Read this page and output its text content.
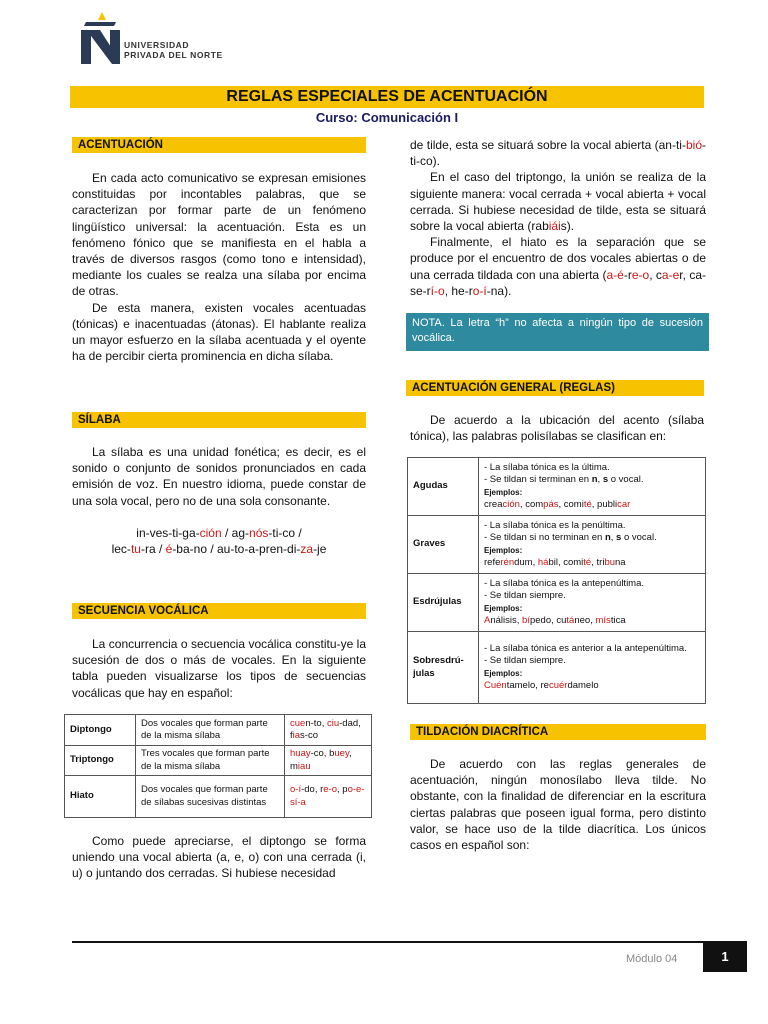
UNIVERSIDAD
PRIVADA DEL NORTE
REGLAS ESPECIALES DE ACENTUACIÓN
Curso: Comunicación I
ACENTUACIÓN

En cada acto comunicativo se expresan emisiones constituidas por incontables palabras, que se caracterizan por formar parte de un fenómeno lingüístico universal: la acentuación. Esta es un fenómeno fónico que se manifiesta en el habla a través de diversos rasgos (como tono e intensidad), mediante los cuales se realza una sílaba por encima de otras.

De esta manera, existen vocales acentuadas (tónicas) e inacentuadas (átonas). El hablante realiza un mayor esfuerzo en la sílaba acentuada y el oyente ha de percibir cierta prominencia en dicha sílaba.

SÍLABA

La sílaba es una unidad fonética; es decir, es el sonido o conjunto de sonidos pronunciados en cada emisión de voz. En nuestro idioma, puede constar de una sola vocal, pero no de una sola consonante.

in-ves-ti-ga-ción / ag-nós-ti-co /
lec-tu-ra / é-ba-no / au-to-a-pren-di-za-je
SECUENCIA VOCÁLICA

La concurrencia o secuencia vocálica constitu-ye la sucesión de dos o más de vocales. En la siguiente tabla pueden visualizarse los tipos de secuencias vocálicas que hay en español:

Diptongo	Dos vocales que forman parte de la misma sílaba	cuen-to, ciu-dad, fias-co
Triptongo	Tres vocales que forman parte de la misma sílaba	huay-co, buey, miau
Hiato	Dos vocales que forman parte de sílabas sucesivas distintas	o-í-do, re-o, po-e-sí-a

Como puede apreciarse, el diptongo se forma uniendo una vocal abierta (a, e, o) con una cerrada (i, u) o juntando dos cerradas. Si hubiese necesidad

de tilde, esta se situará sobre la vocal abierta (an-ti-bió-ti-co).

En el caso del triptongo, la unión se realiza de la siguiente manera: vocal cerrada + vocal abierta + vocal cerrada. Si hubiese necesidad de tilde, esta se situará sobre la vocal abierta (rabiáis).

Finalmente, el hiato es la separación que se produce por el encuentro de dos vocales abiertas o de una cerrada tildada con una abierta (a-é-re-o, ca-er, ca-se-rí-o, he-ro-í-na).

NOTA. La letra “h” no afecta a ningún tipo de sucesión vocálica.
ACENTUACIÓN GENERAL (REGLAS)

De acuerdo a la ubicación del acento (sílaba tónica), las palabras polisílabas se clasifican en:

Agudas	- La sílaba tónica es la última.
- Se tildan si terminan en n, s o vocal.
Ejemplos:
creación, compás, comité, publicar

Graves	- La sílaba tónica es la penúltima.
- Se tildan si no terminan en n, s o vocal.
Ejemplos:
referéndum, hábil, comité, tribuna

Esdrújulas	- La sílaba tónica es la antepenúltima.
- Se tildan siempre.
Ejemplos:
Análisis, bípedo, cutáneo, mística

Sobresdrú-julas	- La sílaba tónica es anterior a la antepenúltima.
- Se tildan siempre.
Ejemplos:
Cuéntamelo, recuérdamelo
TILDACIÓN DIACRÍTICA

De acuerdo con las reglas generales de acentuación, ningún monosílabo lleva tilde. No obstante, con la finalidad de diferenciar en la escritura ciertas palabras que poseen igual forma, pero distinto valor, se hace uso de la tilde diacrítica. Los únicos casos en español son:

Módulo 04	1
